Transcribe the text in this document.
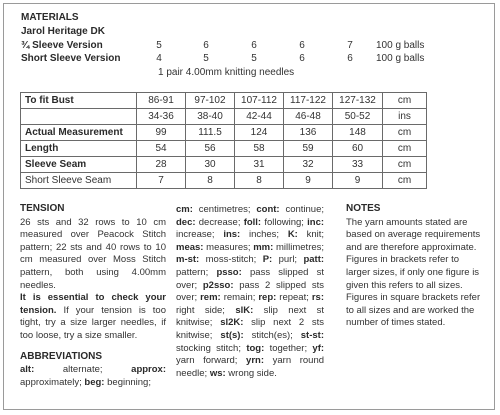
MATERIALS
Jarol Heritage DK
¾ Sleeve Version	5	6	6	6	7	100 g balls
Short Sleeve Version	4	5	5	6	6	100 g balls
1 pair 4.00mm knitting needles
To fit Bust	86-91	97-102	107-112	117-122	127-132	cm
	34-36	38-40	42-44	46-48	50-52	ins
Actual Measurement	99	111.5	124	136	148	cm
Length	54	56	58	59	60	cm
Sleeve Seam	28	30	31	32	33	cm
Short Sleeve Seam	7	8	8	9	9	cm

TENSION

26 sts and 32 rows to 10 cm measured over Peacock Stitch pattern; 22 sts and 40 rows to 10 cm measured over Moss Stitch pattern, both using 4.00mm needles.

It is essential to check your tension. If your tension is too tight, try a size larger needles, if too loose, try a size smaller.

ABBREVIATIONS

alt:	alternate;	approx: approximately; beg: beginning;

cm: centimetres; cont: continue; dec: decrease; foll: following; inc: increase; ins: inches; K: knit; meas: measures; mm: millimetres; m-st: moss-stitch; P: purl; patt: pattern; psso: pass slipped st over; p2sso: pass 2 slipped sts over; rem: remain; rep: repeat; rs: right side; slK: slip next st knitwise; sl2K: slip next 2 sts knitwise; st(s): stitch(es); st-st: stocking stitch; tog: together; yf: yarn forward; yrn: yarn round needle; ws: wrong side.

NOTES

The yarn amounts stated are based on average requirements and are therefore approximate. Figures in brackets refer to larger sizes, if only one figure is given this refers to all sizes. Figures in square brackets refer to all sizes and are worked the number of times stated.
